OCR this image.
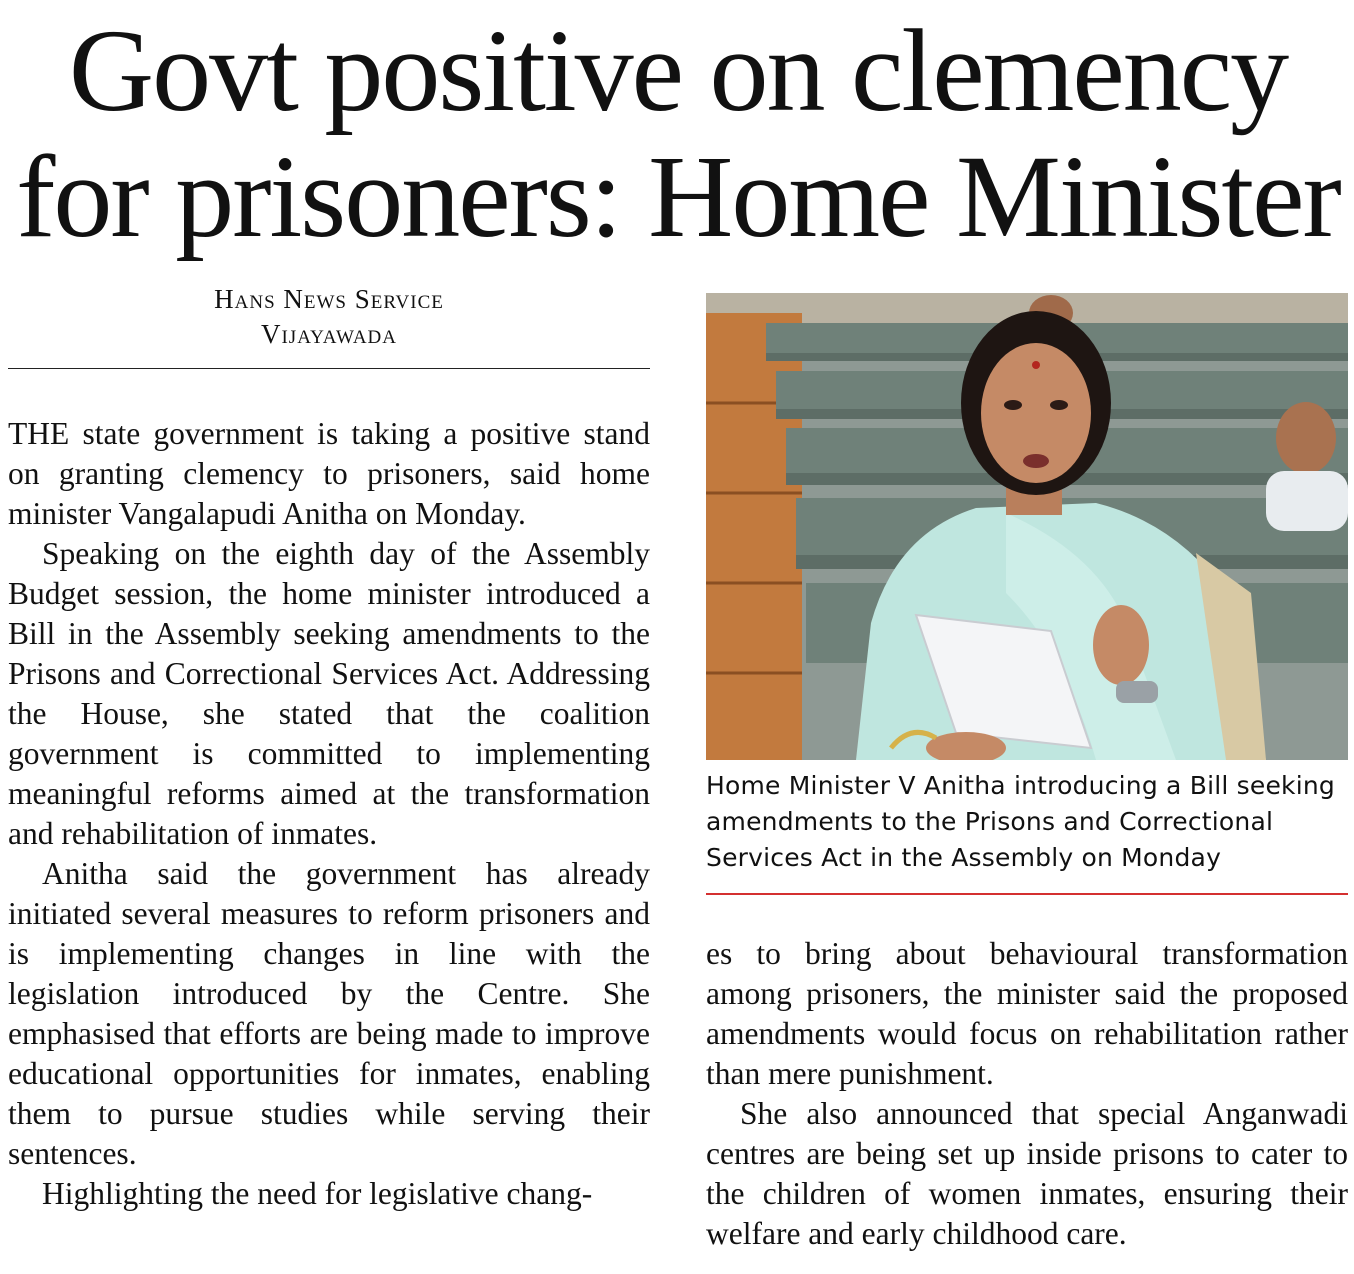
Govt positive on clemency for prisoners: Home Minister
Hans News Service
Vijayawada

THE state government is taking a positive stand on granting clemency to prisoners, said home minister Vangalapudi Anitha on Monday.

Speaking on the eighth day of the Assembly Budget session, the home minister introduced a Bill in the Assembly seeking amendments to the Prisons and Correctional Services Act. Addressing the House, she stated that the coalition government is committed to implementing meaningful reforms aimed at the transformation and rehabilitation of inmates.

Anitha said the government has already initiated several measures to reform prisoners and is implementing changes in line with the legislation introduced by the Centre. She emphasised that efforts are being made to improve educational opportunities for inmates, enabling them to pursue studies while serving their sentences.

Highlighting the need for legislative chang-

Home Minister V Anitha introducing a Bill seeking amendments to the Prisons and Correctional Services Act in the Assembly on Monday

es to bring about behavioural transformation among prisoners, the minister said the proposed amendments would focus on rehabilitation rather than mere punishment.

She also announced that special Anganwadi centres are being set up inside prisons to cater to the children of women inmates, ensuring their welfare and early childhood care.
